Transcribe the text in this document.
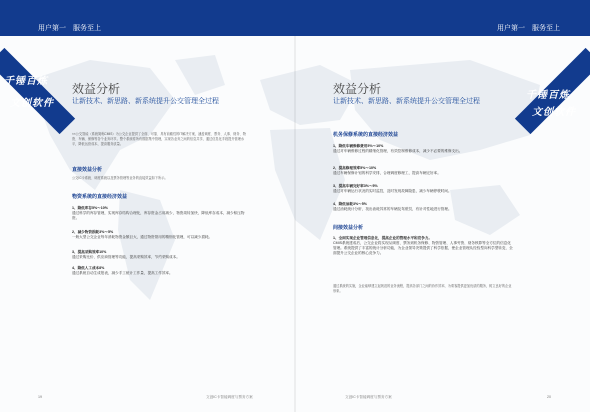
用户第一　服务至上	用户第一　服务至上
千锤百炼
文创软件
千锤百炼
文创软件
效益分析
让新技术、新思路、新系统提升公交管理全过程
××公交智能（系统简称CMIS）为公交企业提供了全面、可靠、具有前瞻性的IT解决方案，涵盖调度、票务、人事、财务、物资、车辆、保修等各个业务环节。整个系统将所有数据集中管理，实现各业务之间的信息共享，通过信息化手段提升管理水平，降低运营成本，提高服务质量。
直接效益分析
公交IC卡系统、调度系统以及票务管理等业务的直接效益如下所示。
物资系统的直接经济效益
1、降低库存5%～10%
通过科学的库存管理，实现库存结构合理化，库存资金占用减少，物资周转加快，降低库存成本，减少积压物资。
2、减少物资损耗3%～5%
一般大型公交企业每年消耗物资金额巨大，通过物资领用的精细化管理，可以减少损耗。
3、提高采购效率10%
通过采购比价、供应商管理等功能，提高采购效率，节约采购成本。
4、降低人工成本8%
通过系统自动生成报表，减少手工统计工作量，提高工作效率。
19	文创IC卡智能调度与票务方案
效益分析
让新技术、新思路、新系统提升公交管理全过程
机务保修系统的直接经济效益
1、降低车辆维修费用5%～10%
通过对车辆维修过程的精细化管理，有效控制维修成本，减少不必要的维修支出。
2、提高修理效率5%～10%
通过车辆保修计划的科学安排，合理调度修理工，提高车辆完好率。
3、提高车辆完好率3%～5%
通过对车辆运行状况的实时监控，及时发现故障隐患，减少车辆停驶时间。
4、降低油耗3%～5%
通过油耗统计分析，找出油耗异常的车辆及驾驶员，有针对性地进行管理。
间接效益分析
1、全面实现企业管理信息化，提高企业的管理水平和竞争力。
CMIS系统建成后，公交企业将实现从调度、票务到机务保修、物资管理、人事劳资、财务核算等全方位的信息化管理。系统提供了丰富的统计分析功能，为企业领导决策提供了科学依据，使企业管理从经验型向科学型转变，全面提升公交企业的核心竞争力。
通过系统的实施，企业能够建立起规范的业务流程，提高各部门之间的协作效率，为乘客提供更加优质的服务，树立良好的企业形象。
文创IC卡智能调度与票务方案	20
